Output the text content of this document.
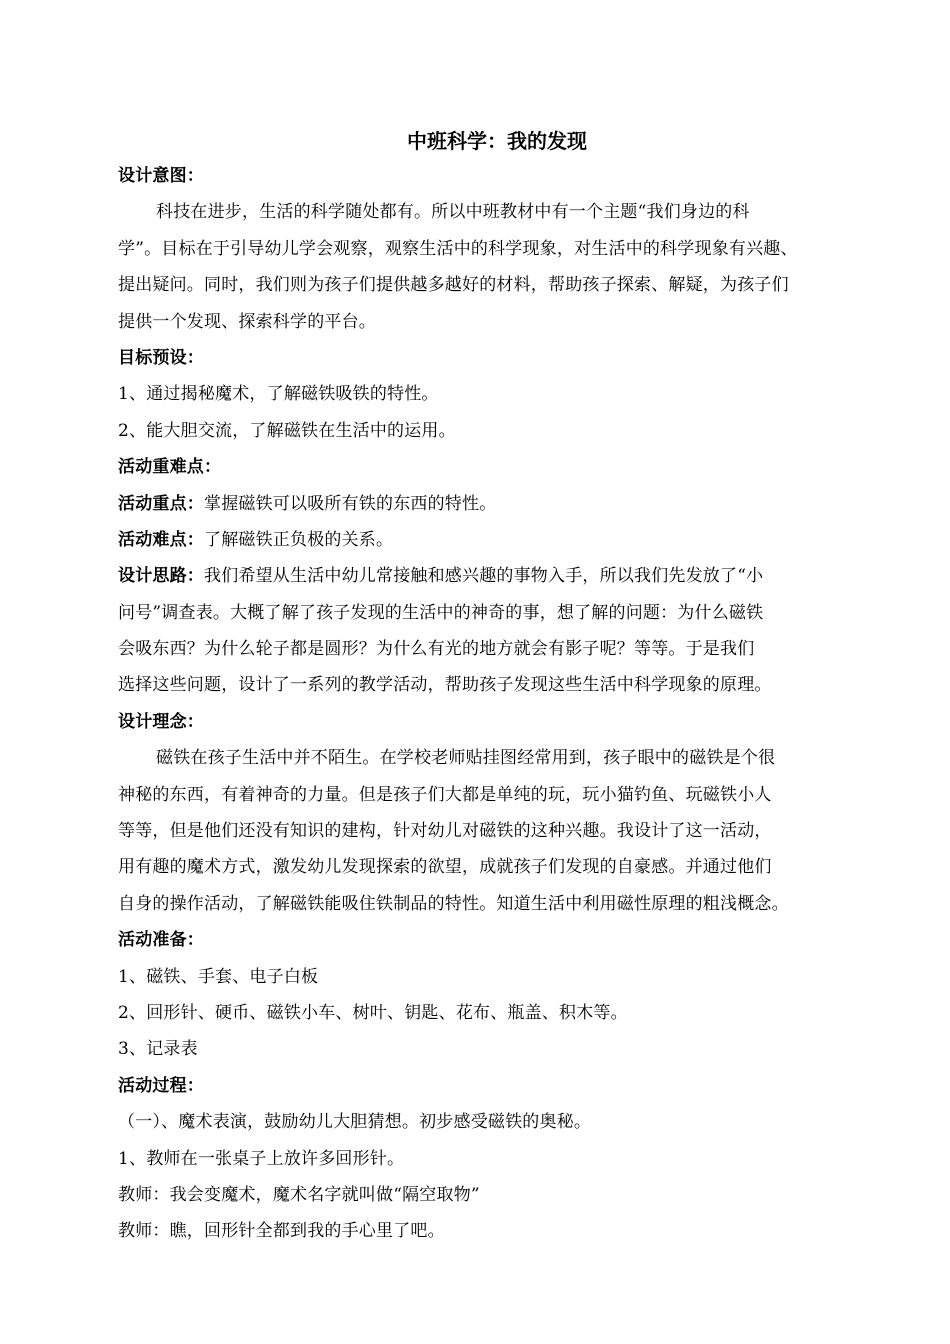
中班科学：我的发现
设计意图：
科技在进步，生活的科学随处都有。所以中班教材中有一个主题“我们身边的科
学”。目标在于引导幼儿学会观察，观察生活中的科学现象，对生活中的科学现象有兴趣、
提出疑问。同时，我们则为孩子们提供越多越好的材料，帮助孩子探索、解疑，为孩子们
提供一个发现、探索科学的平台。
目标预设：
1、通过揭秘魔术，了解磁铁吸铁的特性。
2、能大胆交流，了解磁铁在生活中的运用。
活动重难点：
活动重点：掌握磁铁可以吸所有铁的东西的特性。
活动难点：了解磁铁正负极的关系。
设计思路：我们希望从生活中幼儿常接触和感兴趣的事物入手，所以我们先发放了“小
问号”调查表。大概了解了孩子发现的生活中的神奇的事，想了解的问题：为什么磁铁
会吸东西？为什么轮子都是圆形？为什么有光的地方就会有影子呢？等等。于是我们
选择这些问题，设计了一系列的教学活动，帮助孩子发现这些生活中科学现象的原理。
设计理念：
磁铁在孩子生活中并不陌生。在学校老师贴挂图经常用到，孩子眼中的磁铁是个很
神秘的东西，有着神奇的力量。但是孩子们大都是单纯的玩，玩小猫钓鱼、玩磁铁小人
等等，但是他们还没有知识的建构，针对幼儿对磁铁的这种兴趣。我设计了这一活动，
用有趣的魔术方式，激发幼儿发现探索的欲望，成就孩子们发现的自豪感。并通过他们
自身的操作活动，了解磁铁能吸住铁制品的特性。知道生活中利用磁性原理的粗浅概念。
活动准备：
1、磁铁、手套、电子白板
2、回形针、硬币、磁铁小车、树叶、钥匙、花布、瓶盖、积木等。
3、记录表
活动过程：
（一）、魔术表演，鼓励幼儿大胆猜想。初步感受磁铁的奥秘。
1、教师在一张桌子上放许多回形针。
教师：我会变魔术，魔术名字就叫做“隔空取物”
教师：瞧，回形针全都到我的手心里了吧。
